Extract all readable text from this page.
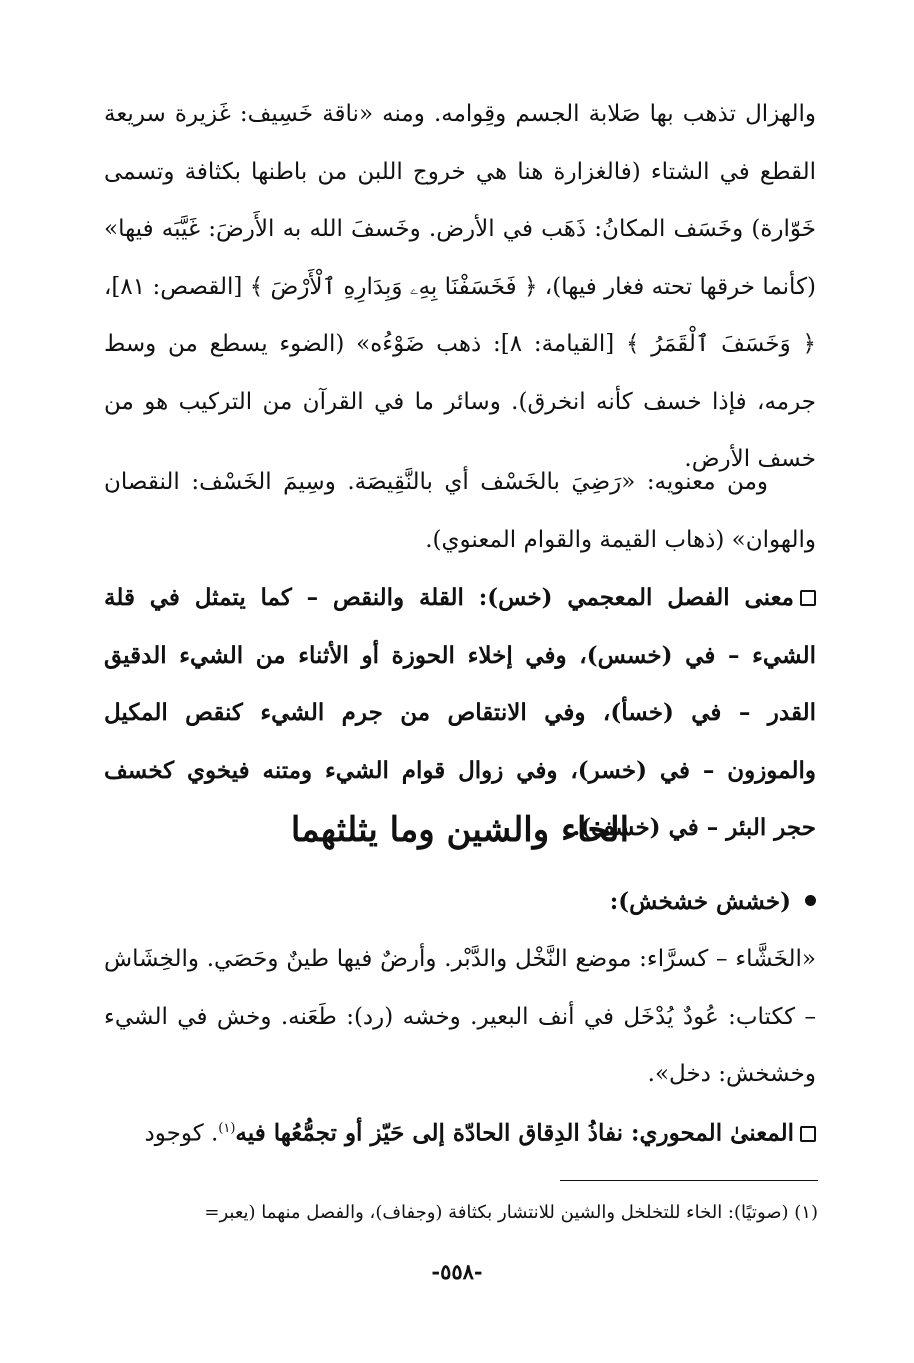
والهزال تذهب بها صَلابة الجسم وقِوامه. ومنه «ناقة خَسِيف: غَزيرة سريعة القطع في الشتاء (فالغزارة هنا هي خروج اللبن من باطنها بكثافة وتسمى خَوّارة) وخَسَف المكانُ: ذَهَب في الأرض. وخَسفَ الله به الأَرضَ: غَيَّبَه فيها» (كأنما خرقها تحته فغار فيها)، ﴿ فَخَسَفْنَا بِهِۦ وَبِدَارِهِ ٱلْأَرْضَ ﴾ [القصص: ٨١]، ﴿ وَخَسَفَ ٱلْقَمَرُ ﴾ [القيامة: ٨]: ذهب ضَوْءُه» (الضوء يسطع من وسط جرمه، فإذا خسف كأنه انخرق). وسائر ما في القرآن من التركيب هو من خسف الأرض.

ومن معنويه: «رَضِيَ بالخَسْف أي بالنَّقِيصَة. وسِيمَ الخَسْف: النقصان والهوان» (ذهاب القيمة والقوام المعنوي).

معنى الفصل المعجمي (خس): القلة والنقص – كما يتمثل في قلة الشيء – في (خسس)، وفي إخلاء الحوزة أو الأثناء من الشيء الدقيق القدر – في (خسأ)، وفي الانتقاص من جرم الشيء كنقص المكيل والموزون – في (خسر)، وفي زوال قوام الشيء ومتنه فيخوي كخسف حجر البئر – في (خسف).

الخاء والشين وما يثلثهما

(خشش خشخش):

«الخَشَّاء – كسرَّاء: موضع النَّخْل والدَّبْر. وأرضٌ فيها طينٌ وحَصَي. والخِشَاش – ككتاب: عُودٌ يُدْخَل في أنف البعير. وخشه (رد): طَعَنه. وخش في الشيء وخشخش: دخل».

المعنىٰ المحوري: نفاذُ الدِقاق الحادّة إلى حَيّز أو تجمُّعُها فيه$^{(١)}$. كوجود

(١) (صوتيًا): الخاء للتخلخل والشين للانتشار بكثافة (وجفاف)، والفصل منهما (يعبر=
-٥٥٨-
